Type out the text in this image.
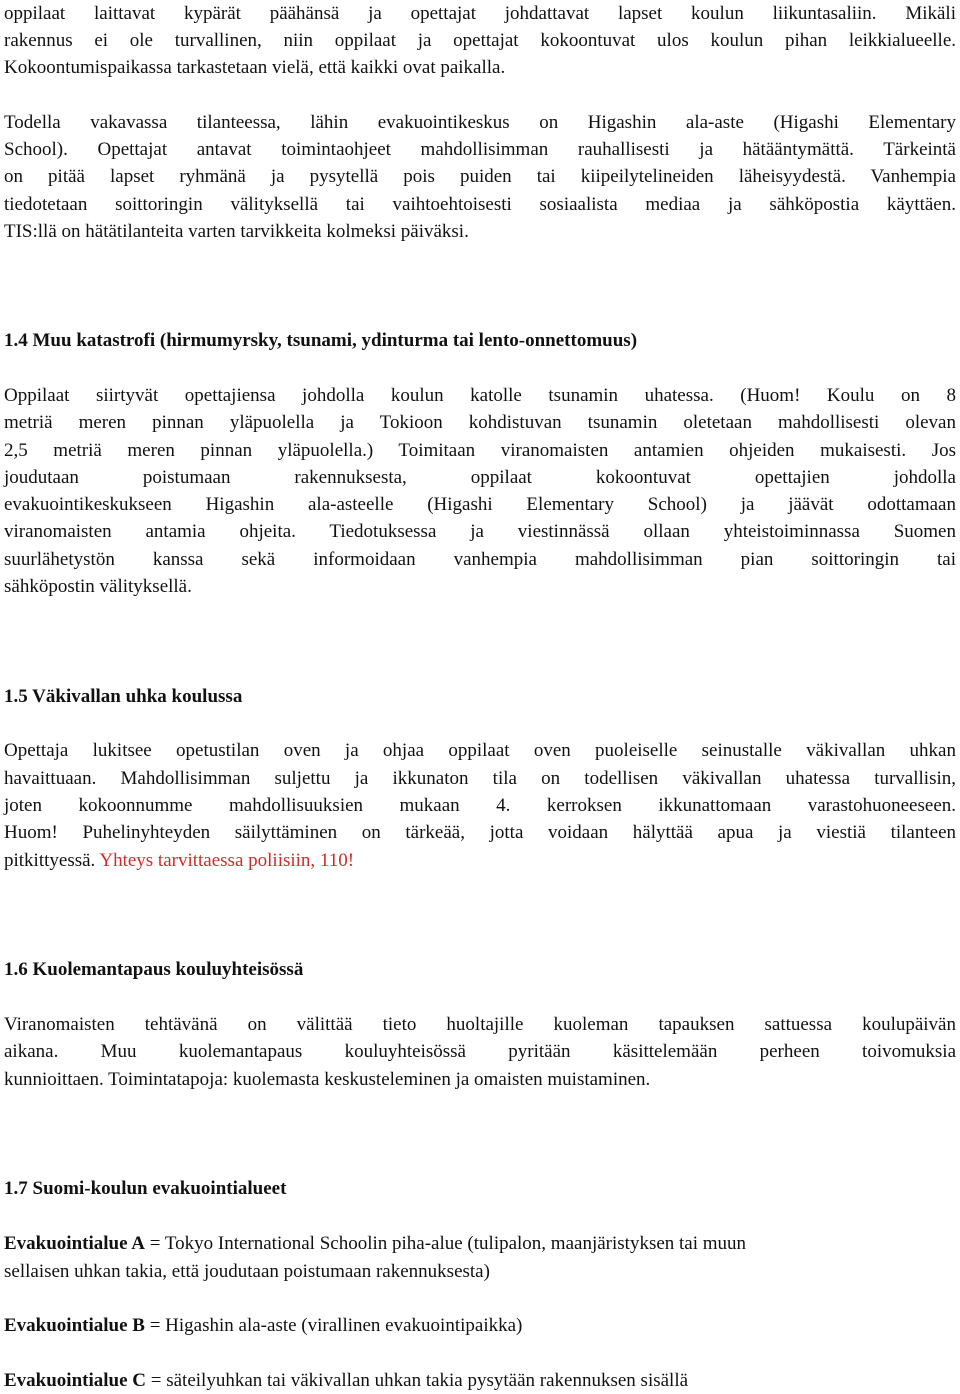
oppilaat laittavat kypärät päähänsä ja opettajat johdattavat lapset koulun liikuntasaliin. Mikäli
rakennus ei ole turvallinen, niin oppilaat ja opettajat kokoontuvat ulos koulun pihan leikkialueelle.
Kokoontumispaikassa tarkastetaan vielä, että kaikki ovat paikalla.
Todella vakavassa tilanteessa, lähin evakuointikeskus on Higashin ala-aste (Higashi Elementary
School). Opettajat antavat toimintaohjeet mahdollisimman rauhallisesti ja hätääntymättä. Tärkeintä
on pitää lapset ryhmänä ja pysytellä pois puiden tai kiipeilytelineiden läheisyydestä. Vanhempia
tiedotetaan soittoringin välityksellä tai vaihtoehtoisesti sosiaalista mediaa ja sähköpostia käyttäen.
TIS:llä on hätätilanteita varten tarvikkeita kolmeksi päiväksi.
1.4 Muu katastrofi (hirmumyrsky, tsunami, ydinturma tai lento-onnettomuus)
Oppilaat siirtyvät opettajiensa johdolla koulun katolle tsunamin uhatessa. (Huom! Koulu on 8
metriä meren pinnan yläpuolella ja Tokioon kohdistuvan tsunamin oletetaan mahdollisesti olevan
2,5 metriä meren pinnan yläpuolella.) Toimitaan viranomaisten antamien ohjeiden mukaisesti. Jos
joudutaan poistumaan rakennuksesta, oppilaat kokoontuvat opettajien johdolla
evakuointikeskukseen Higashin ala-asteelle (Higashi Elementary School) ja jäävät odottamaan
viranomaisten antamia ohjeita. Tiedotuksessa ja viestinnässä ollaan yhteistoiminnassa Suomen
suurlähetystön kanssa sekä informoidaan vanhempia mahdollisimman pian soittoringin tai
sähköpostin välityksellä.
1.5 Väkivallan uhka koulussa
Opettaja lukitsee opetustilan oven ja ohjaa oppilaat oven puoleiselle seinustalle väkivallan uhkan
havaittuaan. Mahdollisimman suljettu ja ikkunaton tila on todellisen väkivallan uhatessa turvallisin,
joten kokoonnumme mahdollisuuksien mukaan 4. kerroksen ikkunattomaan varastohuoneeseen.
Huom! Puhelinyhteyden säilyttäminen on tärkeää, jotta voidaan hälyttää apua ja viestiä tilanteen
pitkittyessä. Yhteys tarvittaessa poliisiin, 110!
1.6 Kuolemantapaus kouluyhteisössä
Viranomaisten tehtävänä on välittää tieto huoltajille kuoleman tapauksen sattuessa koulupäivän
aikana. Muu kuolemantapaus kouluyhteisössä pyritään käsittelemään perheen toivomuksia
kunnioittaen. Toimintatapoja: kuolemasta keskusteleminen ja omaisten muistaminen.
1.7 Suomi-koulun evakuointialueet
Evakuointialue A = Tokyo International Schoolin piha-alue (tulipalon, maanjäristyksen tai muun
sellaisen uhkan takia, että joudutaan poistumaan rakennuksesta)
Evakuointialue B = Higashin ala-aste (virallinen evakuointipaikka)
Evakuointialue C = säteilyuhkan tai väkivallan uhkan takia pysytään rakennuksen sisällä
